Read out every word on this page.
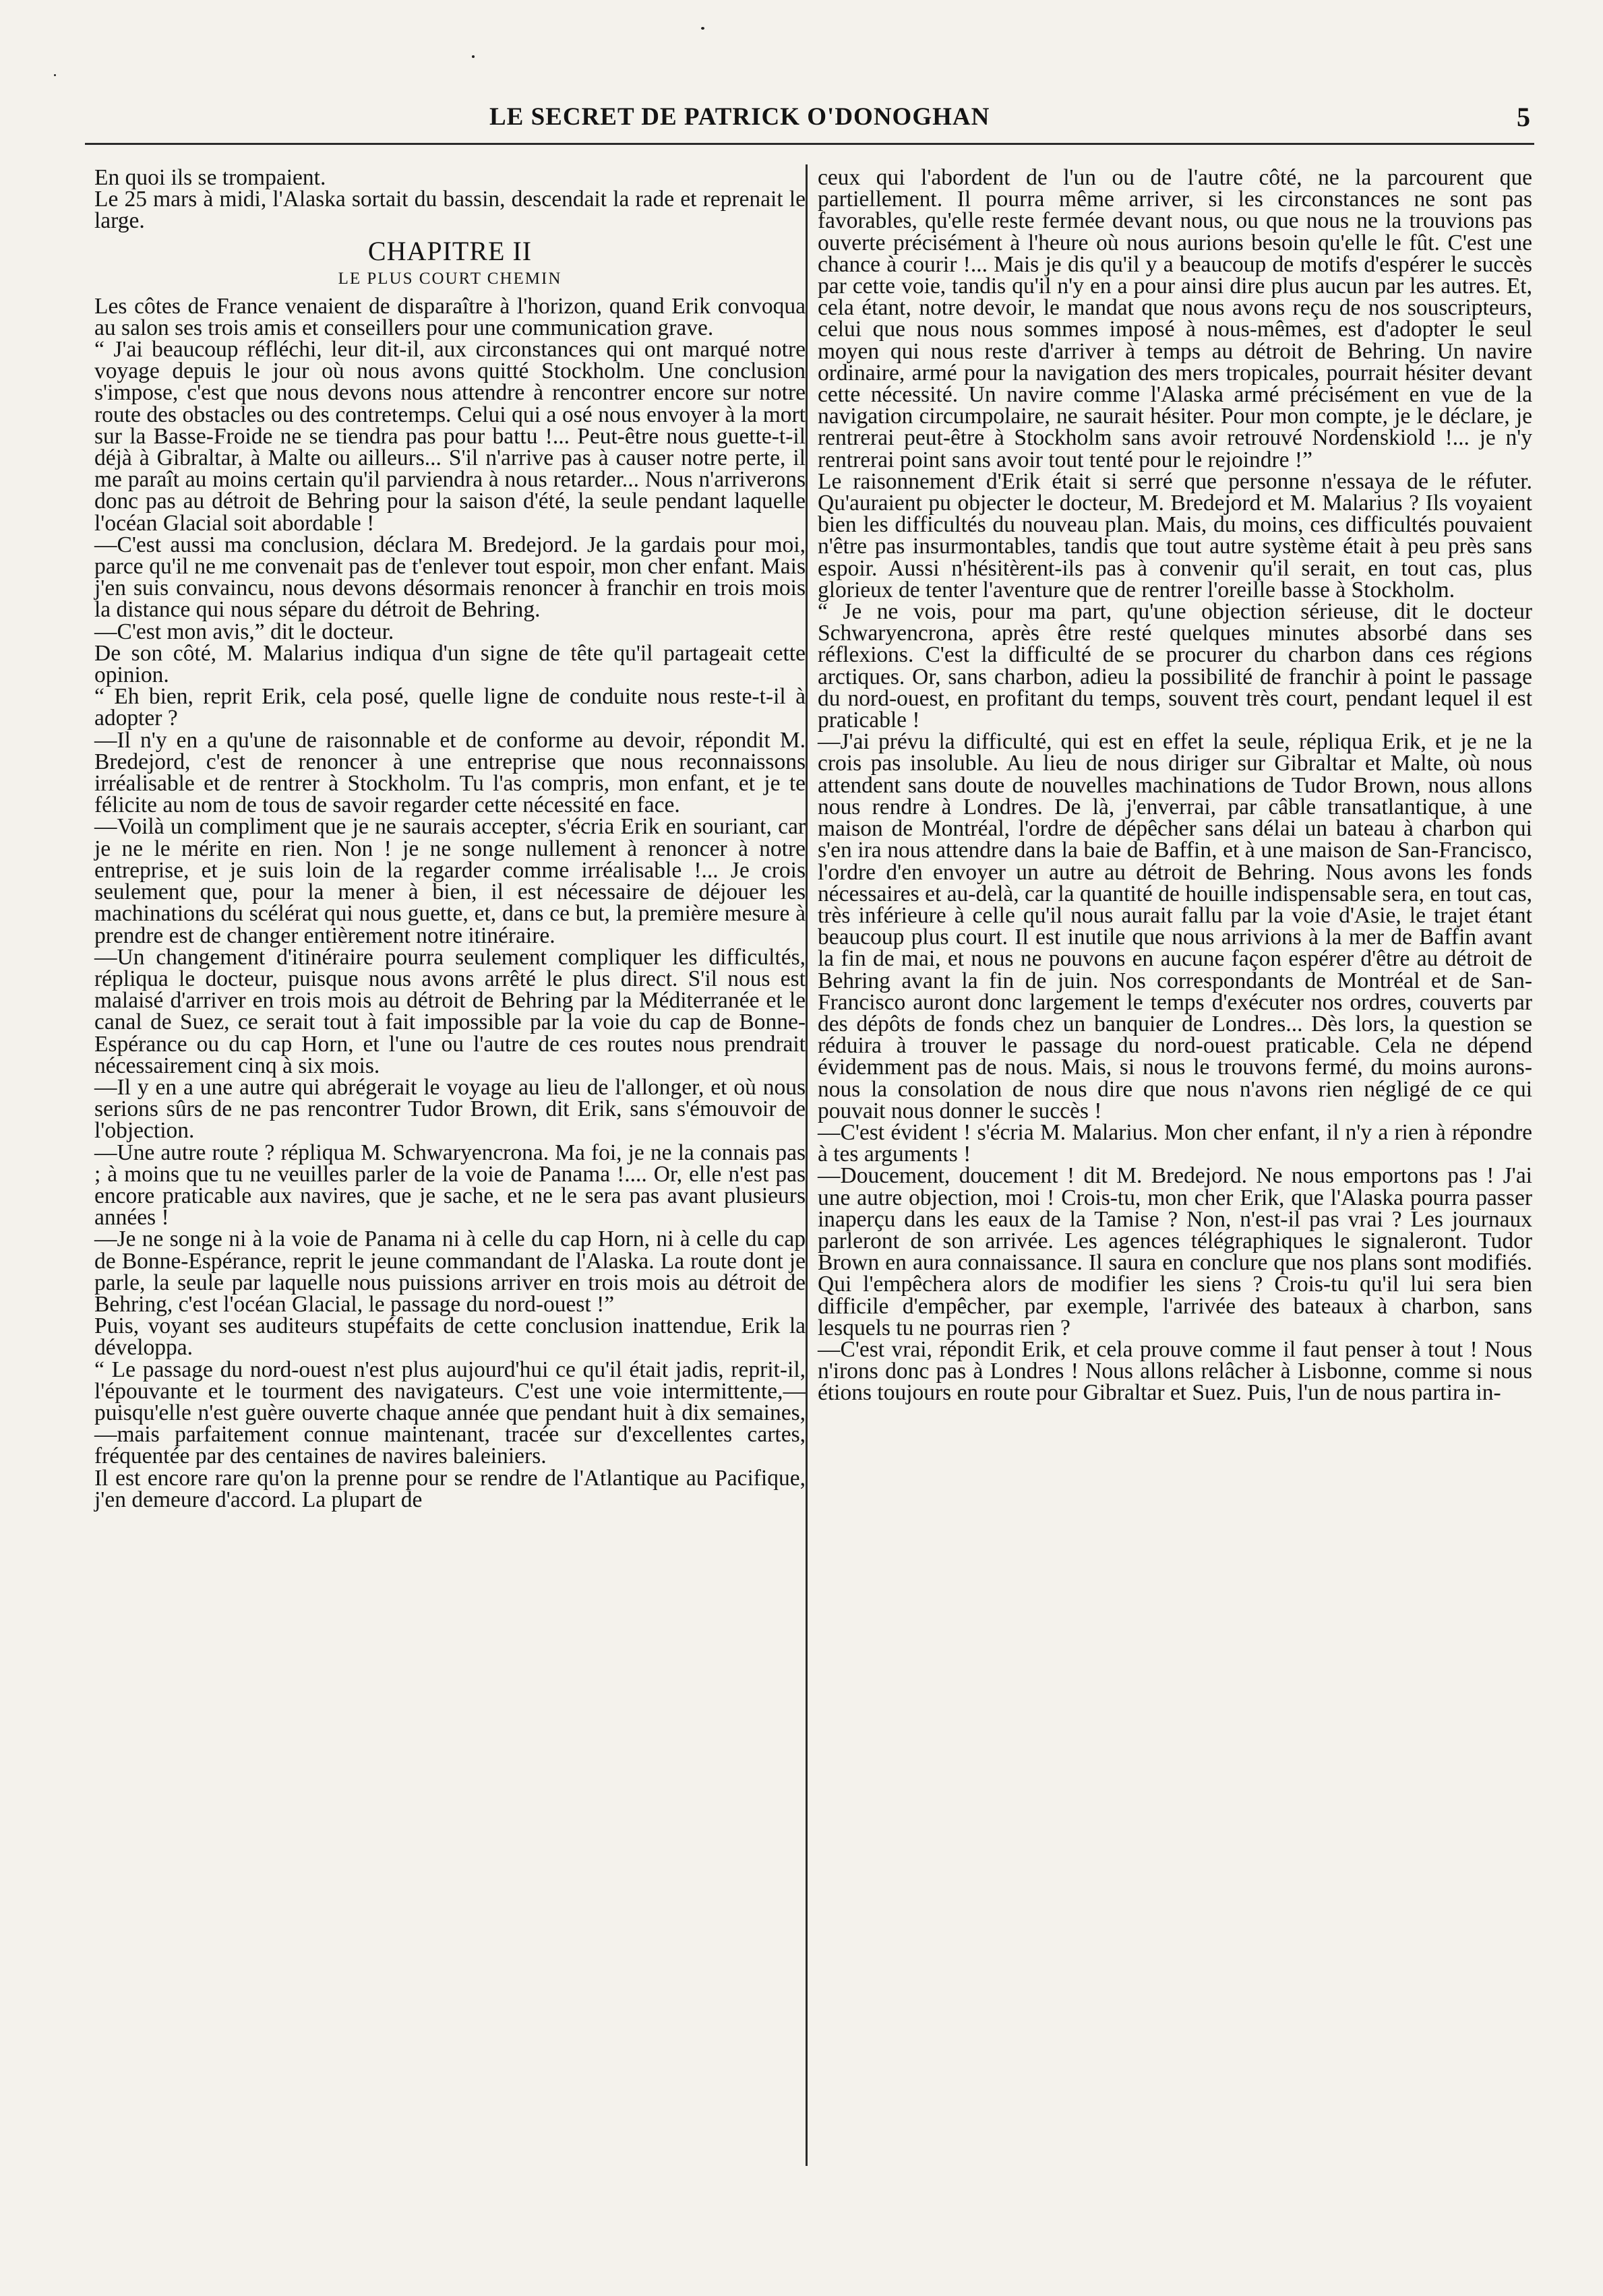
LE SECRET DE PATRICK O'DONOGHAN	5

En quoi ils se trompaient.

Le 25 mars à midi, l'Alaska sortait du bassin, descendait la rade et reprenait le large.

CHAPITRE II
LE PLUS COURT CHEMIN

Les côtes de France venaient de disparaître à l'horizon, quand Erik convoqua au salon ses trois amis et conseillers pour une communication grave.

“ J'ai beaucoup réfléchi, leur dit-il, aux circonstances qui ont marqué notre voyage depuis le jour où nous avons quitté Stockholm. Une conclusion s'impose, c'est que nous devons nous attendre à rencontrer encore sur notre route des obstacles ou des contretemps. Celui qui a osé nous envoyer à la mort sur la Basse-Froide ne se tiendra pas pour battu !... Peut-être nous guette-t-il déjà à Gibraltar, à Malte ou ailleurs... S'il n'arrive pas à causer notre perte, il me paraît au moins certain qu'il parviendra à nous retarder... Nous n'arriverons donc pas au détroit de Behring pour la saison d'été, la seule pendant laquelle l'océan Glacial soit abordable !

—C'est aussi ma conclusion, déclara M. Bredejord. Je la gardais pour moi, parce qu'il ne me convenait pas de t'enlever tout espoir, mon cher enfant. Mais j'en suis convaincu, nous devons désormais renoncer à franchir en trois mois la distance qui nous sépare du détroit de Behring.

—C'est mon avis,” dit le docteur.

De son côté, M. Malarius indiqua d'un signe de tête qu'il partageait cette opinion.

“ Eh bien, reprit Erik, cela posé, quelle ligne de conduite nous reste-t-il à adopter ?

—Il n'y en a qu'une de raisonnable et de conforme au devoir, répondit M. Bredejord, c'est de renoncer à une entreprise que nous reconnaissons irréalisable et de rentrer à Stockholm. Tu l'as compris, mon enfant, et je te félicite au nom de tous de savoir regarder cette nécessité en face.

—Voilà un compliment que je ne saurais accepter, s'écria Erik en souriant, car je ne le mérite en rien. Non ! je ne songe nullement à renoncer à notre entreprise, et je suis loin de la regarder comme irréalisable !... Je crois seulement que, pour la mener à bien, il est nécessaire de déjouer les machinations du scélérat qui nous guette, et, dans ce but, la première mesure à prendre est de changer entièrement notre itinéraire.

—Un changement d'itinéraire pourra seulement compliquer les difficultés, répliqua le docteur, puisque nous avons arrêté le plus direct. S'il nous est malaisé d'arriver en trois mois au détroit de Behring par la Méditerranée et le canal de Suez, ce serait tout à fait impossible par la voie du cap de Bonne-Espérance ou du cap Horn, et l'une ou l'autre de ces routes nous prendrait nécessairement cinq à six mois.

—Il y en a une autre qui abrégerait le voyage au lieu de l'allonger, et où nous serions sûrs de ne pas rencontrer Tudor Brown, dit Erik, sans s'émouvoir de l'objection.

—Une autre route ? répliqua M. Schwaryencrona. Ma foi, je ne la connais pas ; à moins que tu ne veuilles parler de la voie de Panama !.... Or, elle n'est pas encore praticable aux navires, que je sache, et ne le sera pas avant plusieurs années !

—Je ne songe ni à la voie de Panama ni à celle du cap Horn, ni à celle du cap de Bonne-Espérance, reprit le jeune commandant de l'Alaska. La route dont je parle, la seule par laquelle nous puissions arriver en trois mois au détroit de Behring, c'est l'océan Glacial, le passage du nord-ouest !”

Puis, voyant ses auditeurs stupéfaits de cette conclusion inattendue, Erik la développa.

“ Le passage du nord-ouest n'est plus aujourd'hui ce qu'il était jadis, reprit-il, l'épouvante et le tourment des navigateurs. C'est une voie intermittente,—puisqu'elle n'est guère ouverte chaque année que pendant huit à dix semaines,—mais parfaitement connue maintenant, tracée sur d'excellentes cartes, fréquentée par des centaines de navires baleiniers.

Il est encore rare qu'on la prenne pour se rendre de l'Atlantique au Pacifique, j'en demeure d'accord. La plupart de

ceux qui l'abordent de l'un ou de l'autre côté, ne la parcourent que partiellement. Il pourra même arriver, si les circonstances ne sont pas favorables, qu'elle reste fermée devant nous, ou que nous ne la trouvions pas ouverte précisément à l'heure où nous aurions besoin qu'elle le fût. C'est une chance à courir !... Mais je dis qu'il y a beaucoup de motifs d'espérer le succès par cette voie, tandis qu'il n'y en a pour ainsi dire plus aucun par les autres. Et, cela étant, notre devoir, le mandat que nous avons reçu de nos souscripteurs, celui que nous nous sommes imposé à nous-mêmes, est d'adopter le seul moyen qui nous reste d'arriver à temps au détroit de Behring. Un navire ordinaire, armé pour la navigation des mers tropicales, pourrait hésiter devant cette nécessité. Un navire comme l'Alaska armé précisément en vue de la navigation circumpolaire, ne saurait hésiter. Pour mon compte, je le déclare, je rentrerai peut-être à Stockholm sans avoir retrouvé Nordenskiold !... je n'y rentrerai point sans avoir tout tenté pour le rejoindre !”

Le raisonnement d'Erik était si serré que personne n'essaya de le réfuter. Qu'auraient pu objecter le docteur, M. Bredejord et M. Malarius ? Ils voyaient bien les difficultés du nouveau plan. Mais, du moins, ces difficultés pouvaient n'être pas insurmontables, tandis que tout autre système était à peu près sans espoir. Aussi n'hésitèrent-ils pas à convenir qu'il serait, en tout cas, plus glorieux de tenter l'aventure que de rentrer l'oreille basse à Stockholm.

“ Je ne vois, pour ma part, qu'une objection sérieuse, dit le docteur Schwaryencrona, après être resté quelques minutes absorbé dans ses réflexions. C'est la difficulté de se procurer du charbon dans ces régions arctiques. Or, sans charbon, adieu la possibilité de franchir à point le passage du nord-ouest, en profitant du temps, souvent très court, pendant lequel il est praticable !

—J'ai prévu la difficulté, qui est en effet la seule, répliqua Erik, et je ne la crois pas insoluble. Au lieu de nous diriger sur Gibraltar et Malte, où nous attendent sans doute de nouvelles machinations de Tudor Brown, nous allons nous rendre à Londres. De là, j'enverrai, par câble transatlantique, à une maison de Montréal, l'ordre de dépêcher sans délai un bateau à charbon qui s'en ira nous attendre dans la baie de Baffin, et à une maison de San-Francisco, l'ordre d'en envoyer un autre au détroit de Behring. Nous avons les fonds nécessaires et au-delà, car la quantité de houille indispensable sera, en tout cas, très inférieure à celle qu'il nous aurait fallu par la voie d'Asie, le trajet étant beaucoup plus court. Il est inutile que nous arrivions à la mer de Baffin avant la fin de mai, et nous ne pouvons en aucune façon espérer d'être au détroit de Behring avant la fin de juin. Nos correspondants de Montréal et de San-Francisco auront donc largement le temps d'exécuter nos ordres, couverts par des dépôts de fonds chez un banquier de Londres... Dès lors, la question se réduira à trouver le passage du nord-ouest praticable. Cela ne dépend évidemment pas de nous. Mais, si nous le trouvons fermé, du moins aurons-nous la consolation de nous dire que nous n'avons rien négligé de ce qui pouvait nous donner le succès !

—C'est évident ! s'écria M. Malarius. Mon cher enfant, il n'y a rien à répondre à tes arguments !

—Doucement, doucement ! dit M. Bredejord. Ne nous emportons pas ! J'ai une autre objection, moi ! Crois-tu, mon cher Erik, que l'Alaska pourra passer inaperçu dans les eaux de la Tamise ? Non, n'est-il pas vrai ? Les journaux parleront de son arrivée. Les agences télégraphiques le signaleront. Tudor Brown en aura connaissance. Il saura en conclure que nos plans sont modifiés. Qui l'empêchera alors de modifier les siens ? Crois-tu qu'il lui sera bien difficile d'empêcher, par exemple, l'arrivée des bateaux à charbon, sans lesquels tu ne pourras rien ?

—C'est vrai, répondit Erik, et cela prouve comme il faut penser à tout ! Nous n'irons donc pas à Londres ! Nous allons relâcher à Lisbonne, comme si nous étions toujours en route pour Gibraltar et Suez. Puis, l'un de nous partira in-
